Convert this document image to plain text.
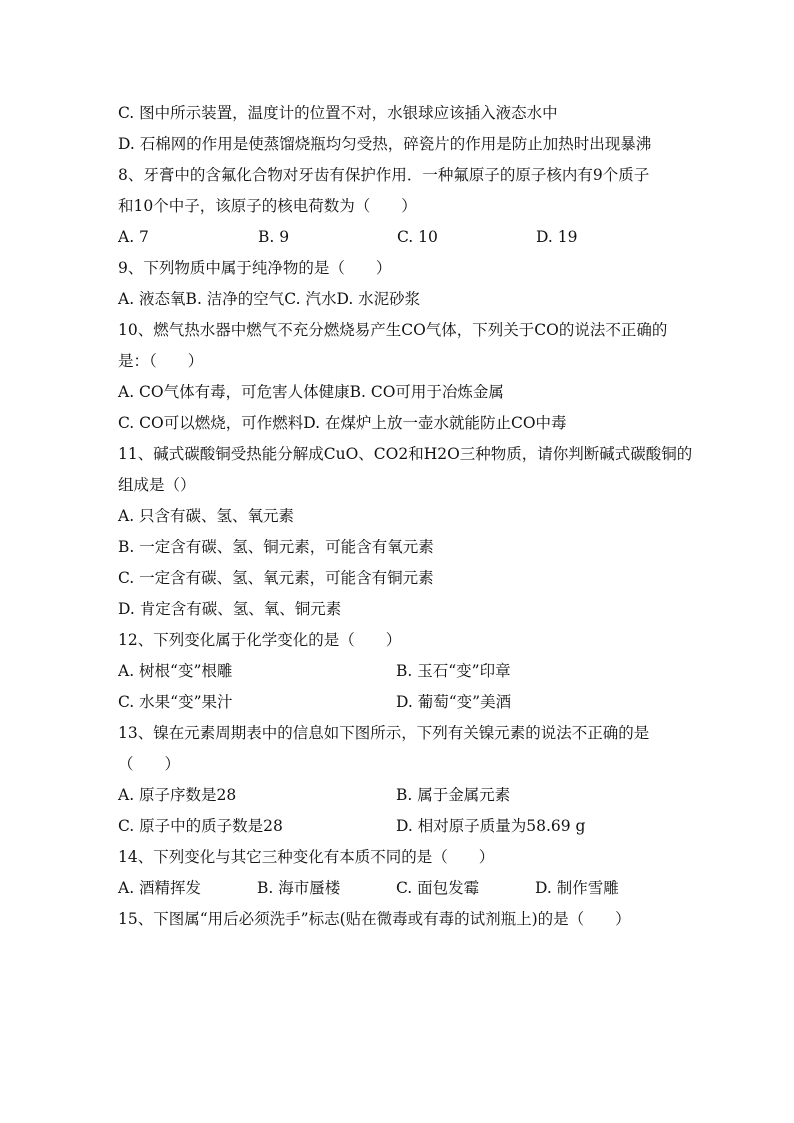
C. 图中所示装置，温度计的位置不对，水银球应该插入液态水中
D. 石棉网的作用是使蒸馏烧瓶均匀受热，碎瓷片的作用是防止加热时出现暴沸
8、牙膏中的含氟化合物对牙齿有保护作用．一种氟原子的原子核内有9个质子
和10个中子，该原子的核电荷数为（　　）
A. 7	B. 9	C. 10	D. 19
9、下列物质中属于纯净物的是（　　）
A. 液态氧B. 洁净的空气C. 汽水D. 水泥砂浆
10、燃气热水器中燃气不充分燃烧易产生CO气体，下列关于CO的说法不正确的
是：（　　）
A. CO气体有毒，可危害人体健康B. CO可用于冶炼金属
C. CO可以燃烧，可作燃料D. 在煤炉上放一壶水就能防止CO中毒
11、碱式碳酸铜受热能分解成CuO、CO2和H2O三种物质，请你判断碱式碳酸铜的
组成是（）
A. 只含有碳、氢、氧元素
B. 一定含有碳、氢、铜元素，可能含有氧元素
C. 一定含有碳、氢、氧元素，可能含有铜元素
D. 肯定含有碳、氢、氧、铜元素
12、下列变化属于化学变化的是（　　）
A. 树根“变”根雕	B. 玉石“变”印章
C. 水果“变”果汁	D. 葡萄“变”美酒
13、镍在元素周期表中的信息如下图所示，下列有关镍元素的说法不正确的是
（　　）
A. 原子序数是28	B. 属于金属元素
C. 原子中的质子数是28	D. 相对原子质量为58.69 g
14、下列变化与其它三种变化有本质不同的是（　　）
A. 酒精挥发	B. 海市蜃楼	C. 面包发霉	D. 制作雪雕
15、下图属“用后必须洗手”标志(贴在微毒或有毒的试剂瓶上)的是（　　）
